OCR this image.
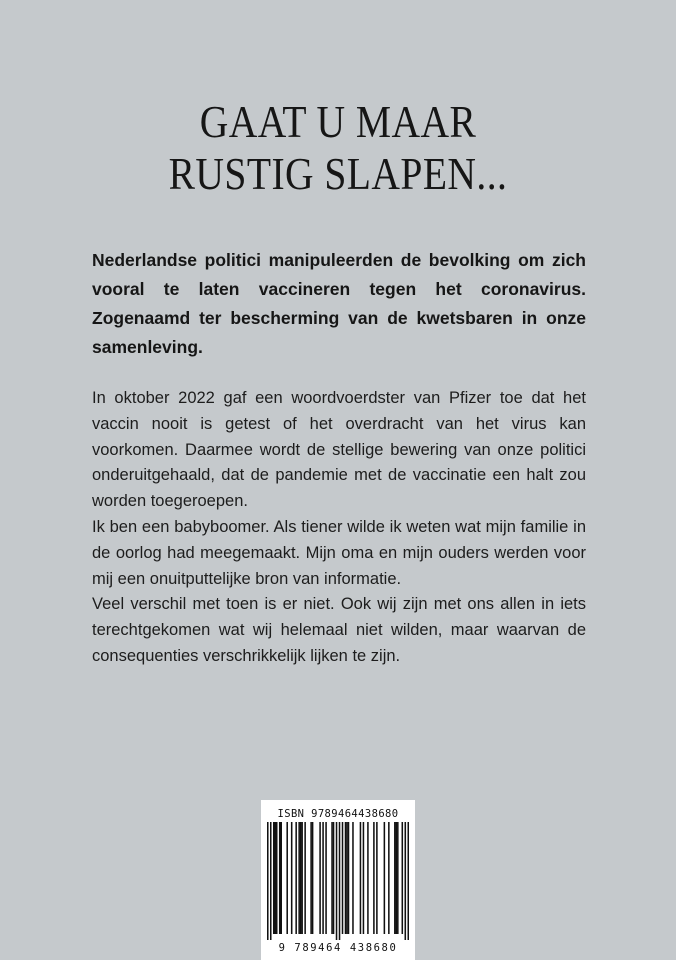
GAAT U MAAR
RUSTIG SLAPEN...

Nederlandse politici manipuleerden de bevolking om zich vooral te laten vaccineren tegen het coronavirus. Zogenaamd ter bescherming van de kwetsbaren in onze samenleving.

In oktober 2022 gaf een woordvoerdster van Pfizer toe dat het vaccin nooit is getest of het overdracht van het virus kan voorkomen. Daarmee wordt de stellige bewering van onze politici onderuitgehaald, dat de pandemie met de vaccinatie een halt zou worden toegeroepen.

Ik ben een babyboomer. Als tiener wilde ik weten wat mijn familie in de oorlog had meegemaakt. Mijn oma en mijn ouders werden voor mij een onuitputtelijke bron van informatie.

Veel verschil met toen is er niet. Ook wij zijn met ons allen in iets terechtgekomen wat wij helemaal niet wilden, maar waarvan de consequenties verschrikkelijk lijken te zijn.

ISBN 9789464438680
9 789464 438680
